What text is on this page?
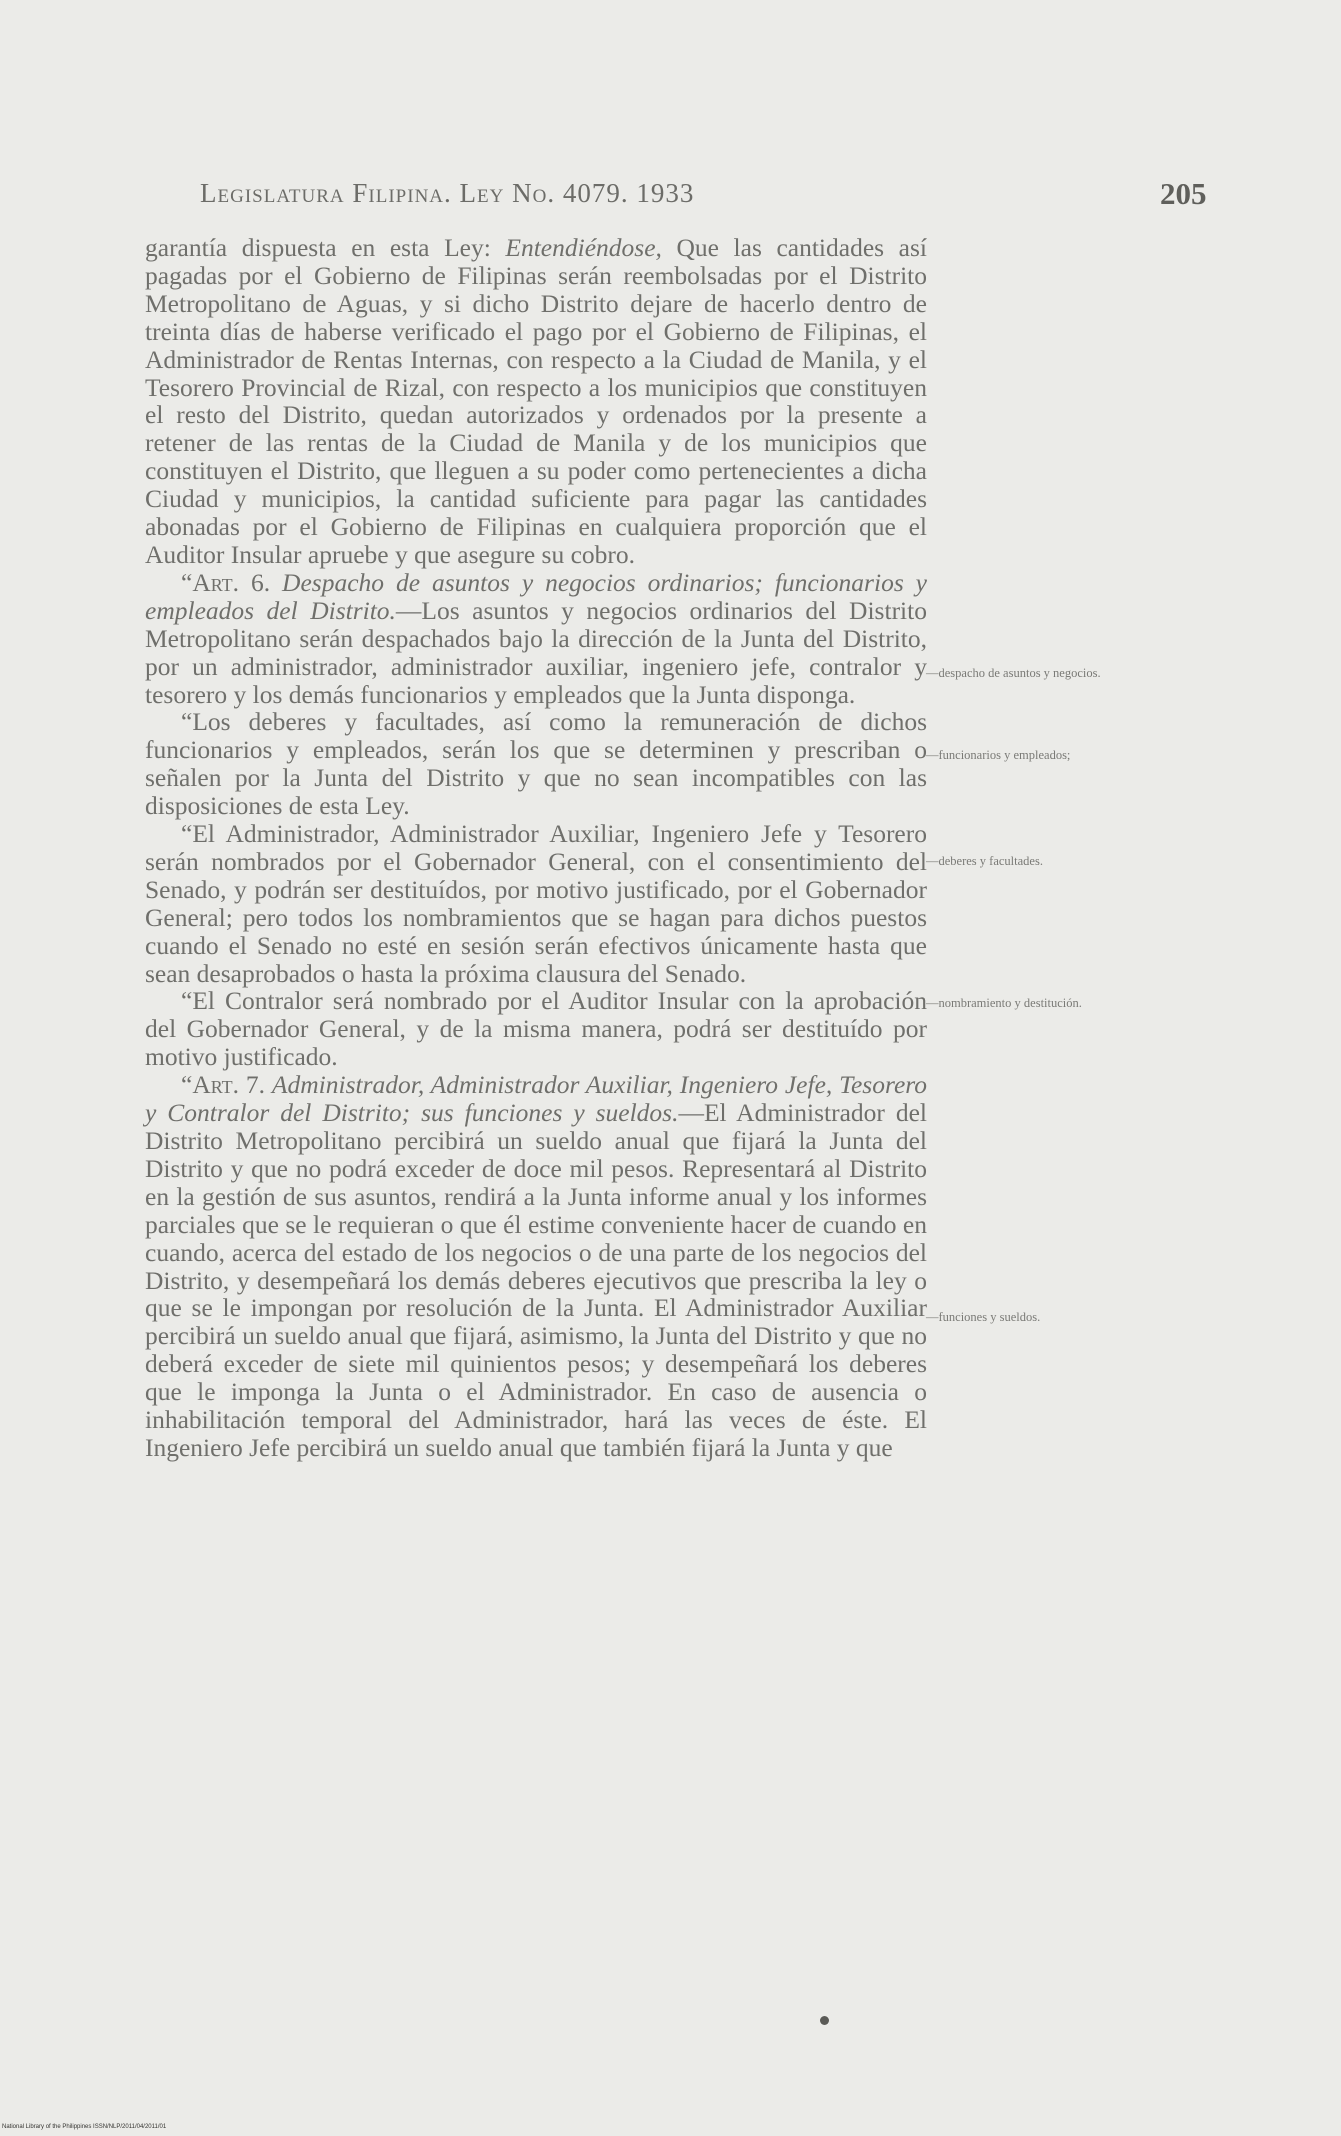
Legislatura Filipina. Ley No. 4079. 1933	205

garantía dispuesta en esta Ley: Entendiéndose, Que las cantidades así pagadas por el Gobierno de Filipinas serán reembolsadas por el Distrito Metropolitano de Aguas, y si dicho Distrito dejare de hacerlo dentro de treinta días de haberse verificado el pago por el Gobierno de Filipinas, el Administrador de Rentas Internas, con respecto a la Ciudad de Manila, y el Tesorero Provincial de Rizal, con respecto a los municipios que constituyen el resto del Distrito, quedan autorizados y ordenados por la presente a retener de las rentas de la Ciudad de Manila y de los municipios que constituyen el Distrito, que lleguen a su poder como pertenecientes a dicha Ciudad y municipios, la cantidad suficiente para pagar las cantidades abonadas por el Gobierno de Filipinas en cualquiera proporción que el Auditor Insular apruebe y que asegure su cobro.

“Art. 6. Despacho de asuntos y negocios ordinarios; funcionarios y empleados del Distrito.—Los asuntos y negocios ordinarios del Distrito Metropolitano serán despachados bajo la dirección de la Junta del Distrito, por un administrador, administrador auxiliar, ingeniero jefe, contralor y tesorero y los demás funcionarios y empleados que la Junta disponga.

“Los deberes y facultades, así como la remuneración de dichos funcionarios y empleados, serán los que se determinen y prescriban o señalen por la Junta del Distrito y que no sean incompatibles con las disposiciones de esta Ley.

“El Administrador, Administrador Auxiliar, Ingeniero Jefe y Tesorero serán nombrados por el Gobernador General, con el consentimiento del Senado, y podrán ser destituídos, por motivo justificado, por el Gobernador General; pero todos los nombramientos que se hagan para dichos puestos cuando el Senado no esté en sesión serán efectivos únicamente hasta que sean desaprobados o hasta la próxima clausura del Senado.

“El Contralor será nombrado por el Auditor Insular con la aprobación del Gobernador General, y de la misma manera, podrá ser destituído por motivo justificado.

“Art. 7. Administrador, Administrador Auxiliar, Ingeniero Jefe, Tesorero y Contralor del Distrito; sus funciones y sueldos.—El Administrador del Distrito Metropolitano percibirá un sueldo anual que fijará la Junta del Distrito y que no podrá exceder de doce mil pesos. Representará al Distrito en la gestión de sus asuntos, rendirá a la Junta informe anual y los informes parciales que se le requieran o que él estime conveniente hacer de cuando en cuando, acerca del estado de los negocios o de una parte de los negocios del Distrito, y desempeñará los demás deberes ejecutivos que prescriba la ley o que se le impongan por resolución de la Junta. El Administrador Auxiliar percibirá un sueldo anual que fijará, asimismo, la Junta del Distrito y que no deberá exceder de siete mil quinientos pesos; y desempeñará los deberes que le imponga la Junta o el Administrador. En caso de ausencia o inhabilitación temporal del Administrador, hará las veces de éste. El Ingeniero Jefe percibirá un sueldo anual que también fijará la Junta y que

—despacho de asuntos y negocios.
—funcionarios y empleados;
—deberes y facultades.
—nombramiento y destitución.
—funciones y sueldos.
National Library of the Philippines ISSN/NLP/2011/04/2011/01
